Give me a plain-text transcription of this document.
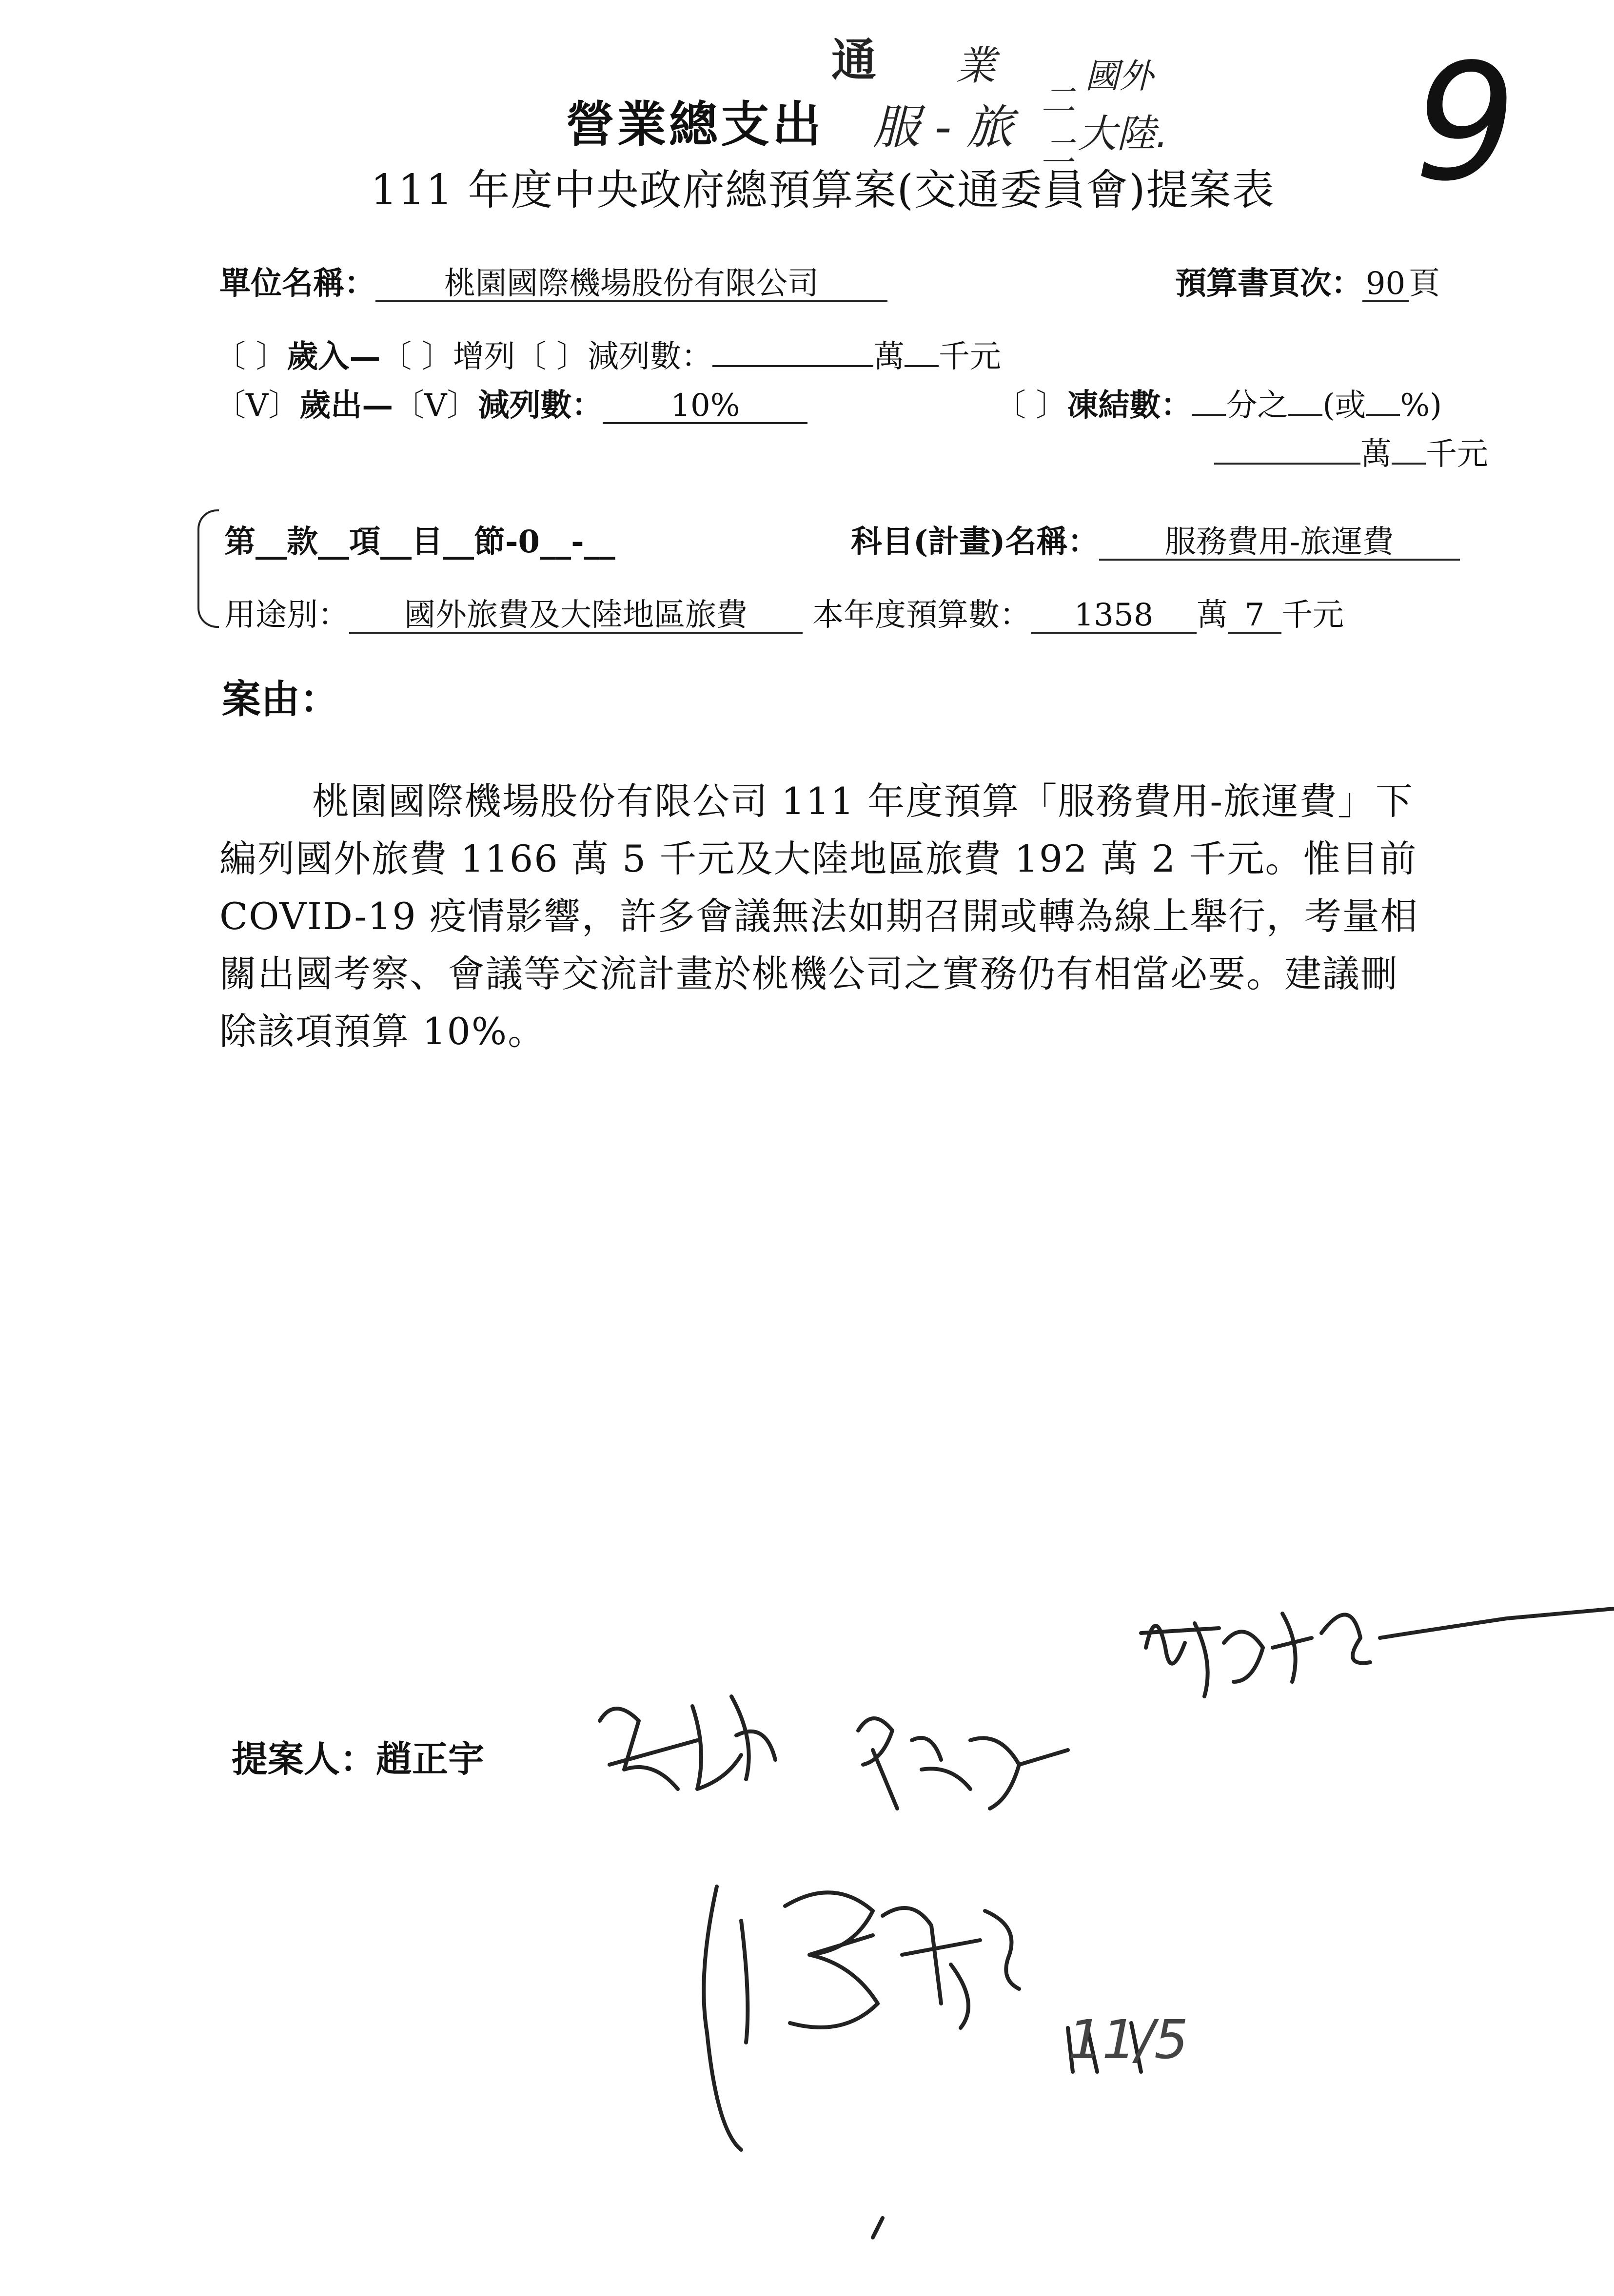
營業總支出
111 年度中央政府總預算案(交通委員會)提案表
通 業
服 - 旅 二
國外
二 大陸. 9
單位名稱： 桃園國際機場股份有限公司	預算書頁次： 90 頁
〔 〕歲入—〔 〕增列〔 〕減列數：	萬 千元
〔V〕歲出—〔V〕減列數： 10%	〔 〕凍結數： 分之 (或 %)
萬 千元
第__款__項__目__節-0__-__	科目(計畫)名稱： 服務費用-旅運費
用途別： 國外旅費及大陸地區旅費 本年度預算數： 1358 萬 7 千元
案由：
桃園國際機場股份有限公司 111 年度預算「服務費用-旅運費」下編列國外旅費 1166 萬 5 千元及大陸地區旅費 192 萬 2 千元。惟目前 COVID-19 疫情影響，許多會議無法如期召開或轉為線上舉行，考量相關出國考察、會議等交流計畫於桃機公司之實務仍有相當必要。建議刪除該項預算 10%。
提案人：趙正宇
11/5
